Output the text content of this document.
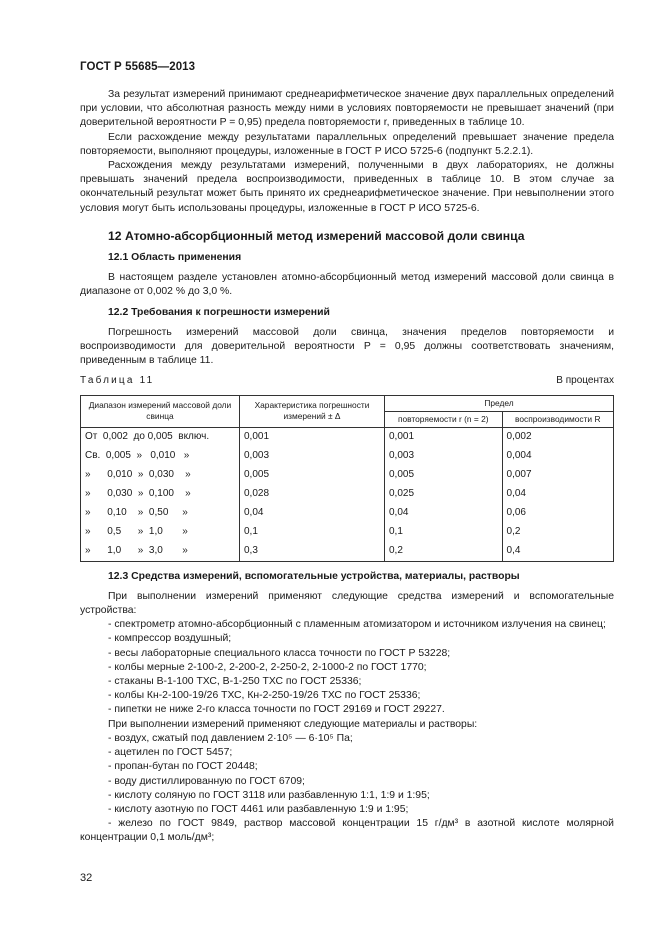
ГОСТ Р 55685—2013

За результат измерений принимают среднеарифметическое значение двух параллельных определений при условии, что абсолютная разность между ними в условиях повторяемости не превышает значений (при доверительной вероятности P = 0,95) предела повторяемости r, приведенных в таблице 10.

Если расхождение между результатами параллельных определений превышает значение предела повторяемости, выполняют процедуры, изложенные в ГОСТ Р ИСО 5725-6 (подпункт 5.2.2.1).

Расхождения между результатами измерений, полученными в двух лабораториях, не должны превышать значений предела воспроизводимости, приведенных в таблице 10. В этом случае за окончательный результат может быть принято их среднеарифметическое значение. При невыполнении этого условия могут быть использованы процедуры, изложенные в ГОСТ Р ИСО 5725-6.

12 Атомно-абсорбционный метод измерений массовой доли свинца
12.1 Область применения

В настоящем разделе установлен атомно-абсорбционный метод измерений массовой доли свинца в диапазоне от 0,002 % до 3,0 %.

12.2 Требования к погрешности измерений

Погрешность измерений массовой доли свинца, значения пределов повторяемости и воспроизводимости для доверительной вероятности P = 0,95 должны соответствовать значениям, приведенным в таблице 11.

Таблица 11	В процентах
Диапазон измерений массовой доли свинца	Характеристика погрешности измерений ± Δ	Предел	
		повторяемости r (n = 2)	воспроизводимости R
От  0,002  до 0,005  включ.	0,001	0,001	0,002
Св.  0,005  »   0,010   »	0,003	0,003	0,004
»      0,010  »  0,030    »	0,005	0,005	0,007
»      0,030  »  0,100    »	0,028	0,025	0,04
»      0,10    »  0,50     »	0,04	0,04	0,06
»      0,5      »  1,0       »	0,1	0,1	0,2
»      1,0      »  3,0       »	0,3	0,2	0,4
12.3 Средства измерений, вспомогательные устройства, материалы, растворы

При выполнении измерений применяют следующие средства измерений и вспомогательные устройства:

- спектрометр атомно-абсорбционный с пламенным атомизатором и источником излучения на свинец;

- компрессор воздушный;

- весы лабораторные специального класса точности по ГОСТ Р 53228;

- колбы мерные 2-100-2, 2-200-2, 2-250-2, 2-1000-2 по ГОСТ 1770;

- стаканы В-1-100 ТХС, В-1-250 ТХС по ГОСТ 25336;

- колбы Кн-2-100-19/26 ТХС, Кн-2-250-19/26 ТХС по ГОСТ 25336;

- пипетки не ниже 2-го класса точности по ГОСТ 29169 и ГОСТ 29227.

При выполнении измерений применяют следующие материалы и растворы:

- воздух, сжатый под давлением 2·10⁵ — 6·10⁵ Па;

- ацетилен по ГОСТ 5457;

- пропан-бутан по ГОСТ 20448;

- воду дистиллированную по ГОСТ 6709;

- кислоту соляную по ГОСТ 3118 или разбавленную 1:1, 1:9 и 1:95;

- кислоту азотную по ГОСТ 4461 или разбавленную 1:9 и 1:95;

- железо по ГОСТ 9849, раствор массовой концентрации 15 г/дм³ в азотной кислоте молярной концентрации 0,1 моль/дм³;

32
